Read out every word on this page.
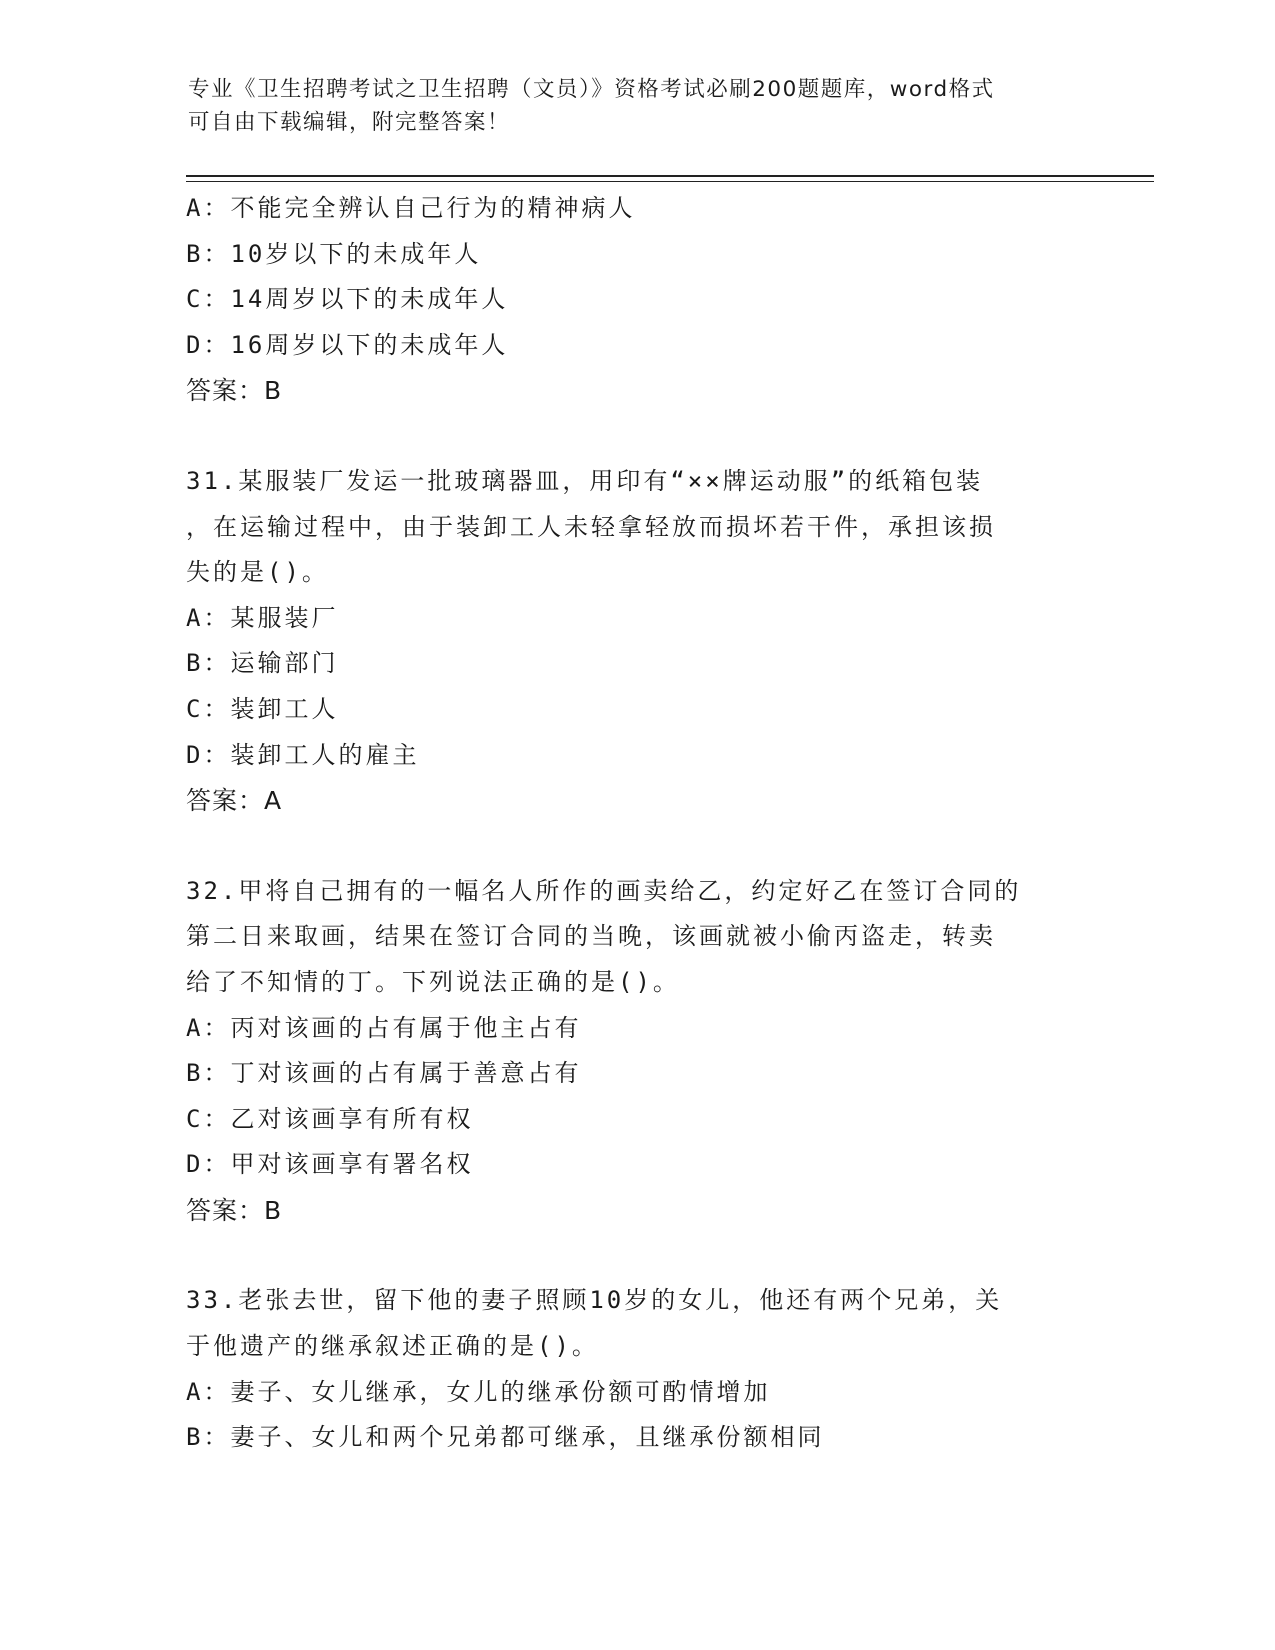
专业《卫生招聘考试之卫生招聘（文员）》资格考试必刷200题题库，word格式
可自由下载编辑，附完整答案！
A：不能完全辨认自己行为的精神病人
B：10岁以下的未成年人
C：14周岁以下的未成年人
D：16周岁以下的未成年人
答案：B
31.某服装厂发运一批玻璃器皿，用印有“××牌运动服”的纸箱包装
，在运输过程中，由于装卸工人未轻拿轻放而损坏若干件，承担该损
失的是()。
A：某服装厂
B：运输部门
C：装卸工人
D：装卸工人的雇主
答案：A
32.甲将自己拥有的一幅名人所作的画卖给乙，约定好乙在签订合同的
第二日来取画，结果在签订合同的当晚，该画就被小偷丙盗走，转卖
给了不知情的丁。下列说法正确的是()。
A：丙对该画的占有属于他主占有
B：丁对该画的占有属于善意占有
C：乙对该画享有所有权
D：甲对该画享有署名权
答案：B
33.老张去世，留下他的妻子照顾10岁的女儿，他还有两个兄弟，关
于他遗产的继承叙述正确的是()。
A：妻子、女儿继承，女儿的继承份额可酌情增加
B：妻子、女儿和两个兄弟都可继承，且继承份额相同
